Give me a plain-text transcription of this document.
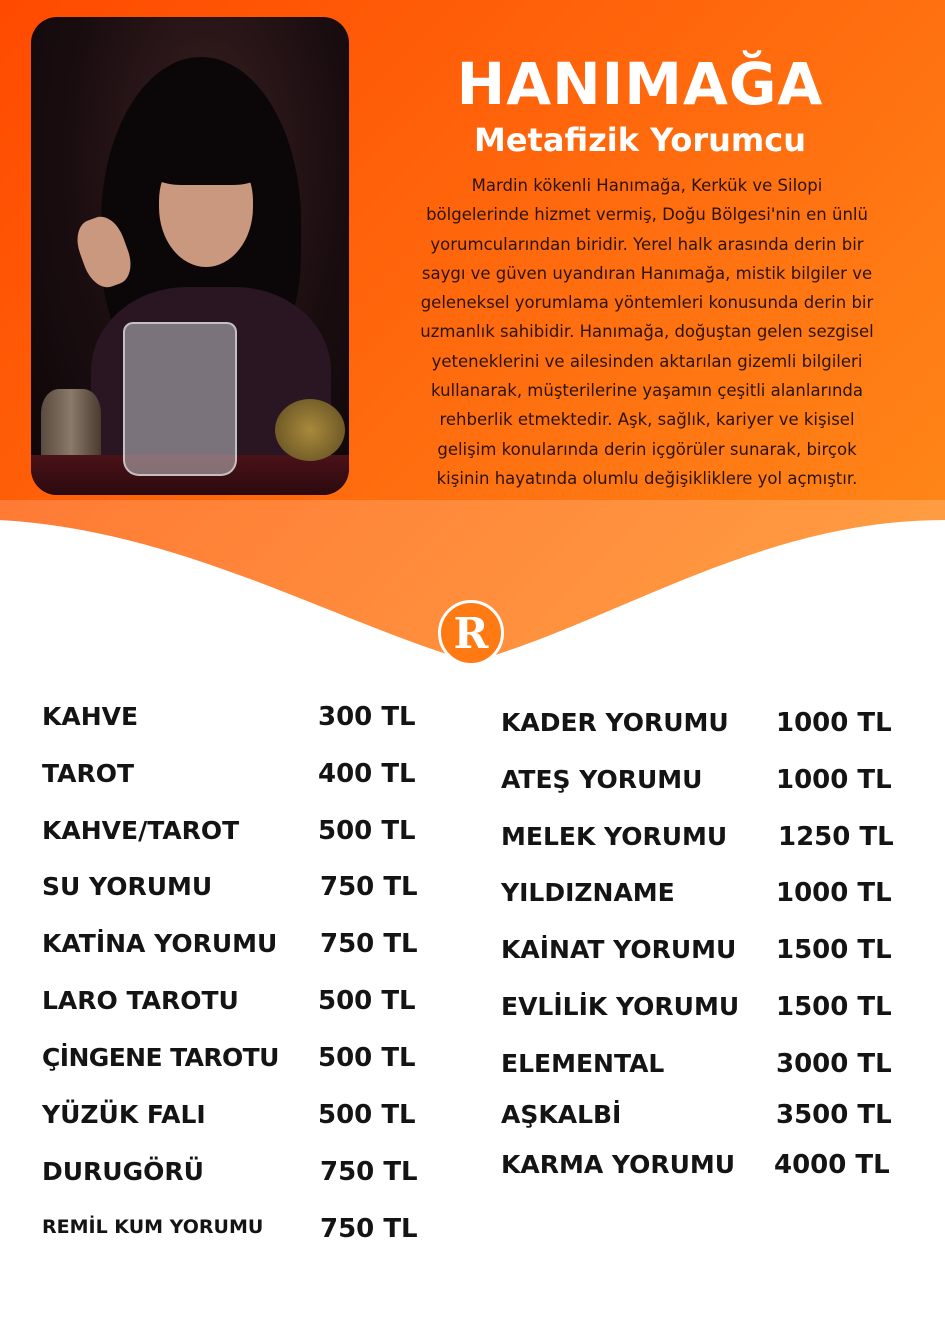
HANIMAĞA
Metafizik Yorumcu
Mardin kökenli Hanımağa, Kerkük ve Silopi
bölgelerinde hizmet vermiş, Doğu Bölgesi'nin en ünlü
yorumcularından biridir. Yerel halk arasında derin bir
saygı ve güven uyandıran Hanımağa, mistik bilgiler ve
geleneksel yorumlama yöntemleri konusunda derin bir
uzmanlık sahibidir. Hanımağa, doğuştan gelen sezgisel
yeteneklerini ve ailesinden aktarılan gizemli bilgileri
kullanarak, müşterilerine yaşamın çeşitli alanlarında
rehberlik etmektedir. Aşk, sağlık, kariyer ve kişisel
gelişim konularında derin içgörüler sunarak, birçok
kişinin hayatında olumlu değişikliklere yol açmıştır.
R
KAHVE	300 TL
TAROT	400 TL
KAHVE/TAROT	500 TL
SU YORUMU	750 TL
KATİNA YORUMU 750 TL
LARO TAROTU	500 TL
ÇİNGENE TAROTU 500 TL
YÜZÜK FALI	500 TL
DURUGÖRÜ	750 TL
REMİL KUM YORUMU 750 TL
KADER YORUMU 1000 TL
ATEŞ YORUMU	1000 TL
MELEK YORUMU 1250 TL
YILDIZNAME	1000 TL
KAİNAT YORUMU 1500 TL
EVLİLİK YORUMU 1500 TL
ELEMENTAL	3000 TL
AŞKALBİ	3500 TL
KARMA YORUMU 4000 TL
